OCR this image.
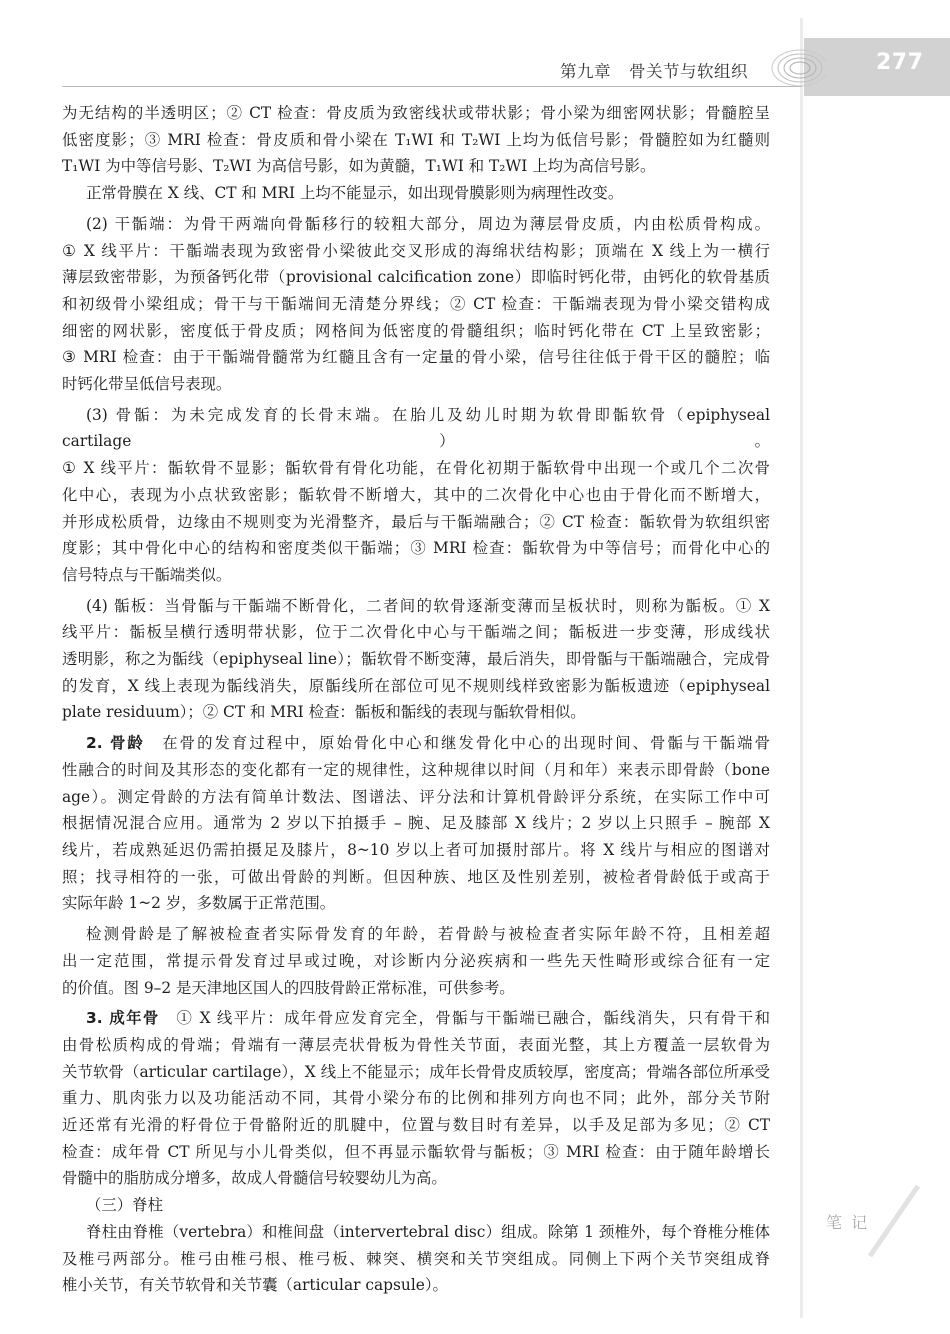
277
第九章 骨关节与软组织

为无结构的半透明区；② CT 检查：骨皮质为致密线状或带状影；骨小梁为细密网状影；骨髓腔呈

低密度影；③ MRI 检查：骨皮质和骨小梁在 T₁WI 和 T₂WI 上均为低信号影；骨髓腔如为红髓则

T₁WI 为中等信号影、T₂WI 为高信号影，如为黄髓，T₁WI 和 T₂WI 上均为高信号影。

正常骨膜在 X 线、CT 和 MRI 上均不能显示，如出现骨膜影则为病理性改变。

(2) 干骺端：为骨干两端向骨骺移行的较粗大部分，周边为薄层骨皮质，内由松质骨构成。

① X 线平片：干骺端表现为致密骨小梁彼此交叉形成的海绵状结构影；顶端在 X 线上为一横行

薄层致密带影，为预备钙化带（provisional calcification zone）即临时钙化带，由钙化的软骨基质

和初级骨小梁组成；骨干与干骺端间无清楚分界线；② CT 检查：干骺端表现为骨小梁交错构成

细密的网状影，密度低于骨皮质；网格间为低密度的骨髓组织；临时钙化带在 CT 上呈致密影；

③ MRI 检查：由于干骺端骨髓常为红髓且含有一定量的骨小梁，信号往往低于骨干区的髓腔；临

时钙化带呈低信号表现。

(3) 骨骺：为未完成发育的长骨末端。在胎儿及幼儿时期为软骨即骺软骨（epiphyseal cartilage）。

① X 线平片：骺软骨不显影；骺软骨有骨化功能，在骨化初期于骺软骨中出现一个或几个二次骨

化中心，表现为小点状致密影；骺软骨不断增大，其中的二次骨化中心也由于骨化而不断增大，

并形成松质骨，边缘由不规则变为光滑整齐，最后与干骺端融合；② CT 检查：骺软骨为软组织密

度影；其中骨化中心的结构和密度类似干骺端；③ MRI 检查：骺软骨为中等信号；而骨化中心的

信号特点与干骺端类似。

(4) 骺板：当骨骺与干骺端不断骨化，二者间的软骨逐渐变薄而呈板状时，则称为骺板。① X

线平片：骺板呈横行透明带状影，位于二次骨化中心与干骺端之间；骺板进一步变薄，形成线状

透明影，称之为骺线（epiphyseal line）；骺软骨不断变薄，最后消失，即骨骺与干骺端融合，完成骨

的发育，X 线上表现为骺线消失，原骺线所在部位可见不规则线样致密影为骺板遗迹（epiphyseal

plate residuum）；② CT 和 MRI 检查：骺板和骺线的表现与骺软骨相似。

2. 骨龄　 在骨的发育过程中，原始骨化中心和继发骨化中心的出现时间、骨骺与干骺端骨

性融合的时间及其形态的变化都有一定的规律性，这种规律以时间（月和年）来表示即骨龄（bone

age）。测定骨龄的方法有简单计数法、图谱法、评分法和计算机骨龄评分系统，在实际工作中可

根据情况混合应用。通常为 2 岁以下拍摄手 – 腕、足及膝部 X 线片；2 岁以上只照手 – 腕部 X

线片，若成熟延迟仍需拍摄足及膝片，8~10 岁以上者可加摄肘部片。将 X 线片与相应的图谱对

照；找寻相符的一张，可做出骨龄的判断。但因种族、地区及性别差别，被检者骨龄低于或高于

实际年龄 1~2 岁，多数属于正常范围。

检测骨龄是了解被检查者实际骨发育的年龄，若骨龄与被检查者实际年龄不符，且相差超

出一定范围，常提示骨发育过早或过晚，对诊断内分泌疾病和一些先天性畸形或综合征有一定

的价值。图 9–2 是天津地区国人的四肢骨龄正常标准，可供参考。

3. 成年骨　 ① X 线平片：成年骨应发育完全，骨骺与干骺端已融合，骺线消失，只有骨干和

由骨松质构成的骨端；骨端有一薄层壳状骨板为骨性关节面，表面光整，其上方覆盖一层软骨为

关节软骨（articular cartilage），X 线上不能显示；成年长骨骨皮质较厚，密度高；骨端各部位所承受

重力、肌肉张力以及功能活动不同，其骨小梁分布的比例和排列方向也不同；此外，部分关节附

近还常有光滑的籽骨位于骨骼附近的肌腱中，位置与数目时有差异，以手及足部为多见；② CT

检查：成年骨 CT 所见与小儿骨类似，但不再显示骺软骨与骺板；③ MRI 检查：由于随年龄增长

骨髓中的脂肪成分增多，故成人骨髓信号较婴幼儿为高。

（三）脊柱

脊柱由脊椎（vertebra）和椎间盘（intervertebral disc）组成。除第 1 颈椎外，每个脊椎分椎体

及椎弓两部分。椎弓由椎弓根、椎弓板、棘突、横突和关节突组成。同侧上下两个关节突组成脊

椎小关节，有关节软骨和关节囊（articular capsule）。

笔 记
